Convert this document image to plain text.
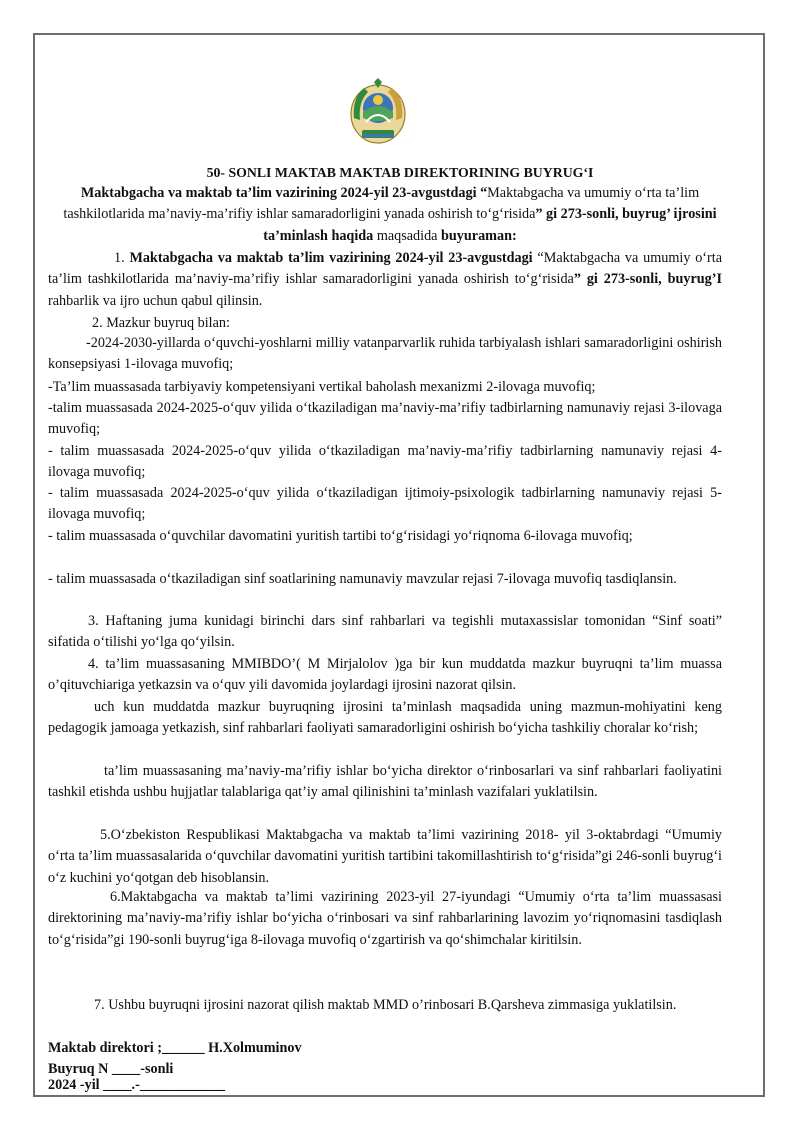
50- SONLI MAKTAB MAKTAB DIREKTORINING BUYRUG‘I

Maktabgacha va maktab ta’lim vazirining 2024-yil 23-avgustdagi “Maktabgacha va umumiy o‘rta ta’lim tashkilotlarida ma’naviy-ma’rifiy ishlar samaradorligini yanada oshirish to‘g‘risida” gi 273-sonli, buyrug’ ijrosini ta’minlash haqida maqsadida buyuraman:

1. Maktabgacha va maktab ta’lim vazirining 2024-yil 23-avgustdagi “Maktabgacha va umumiy o‘rta ta’lim tashkilotlarida ma’naviy-ma’rifiy ishlar samaradorligini yanada oshirish to‘g‘risida” gi 273-sonli, buyrug’I rahbarlik va ijro uchun qabul qilinsin.

2. Mazkur buyruq bilan:

-2024-2030-yillarda o‘quvchi-yoshlarni milliy vatanparvarlik ruhida tarbiyalash ishlari samaradorligini oshirish konsepsiyasi 1-ilovaga muvofiq;

-Ta’lim muassasada tarbiyaviy kompetensiyani vertikal baholash mexanizmi 2-ilovaga muvofiq;

-talim muassasada 2024-2025-o‘quv yilida o‘tkaziladigan ma’naviy-ma’rifiy tadbirlarning namunaviy rejasi 3-ilovaga muvofiq;

- talim muassasada 2024-2025-o‘quv yilida o‘tkaziladigan ma’naviy-ma’rifiy tadbirlarning namunaviy rejasi 4-ilovaga muvofiq;

- talim muassasada 2024-2025-o‘quv yilida o‘tkaziladigan ijtimoiy-psixologik tadbirlarning namunaviy rejasi 5-ilovaga muvofiq;

- talim muassasada o‘quvchilar davomatini yuritish tartibi to‘g‘risidagi yo‘riqnoma 6-ilovaga muvofiq;

- talim muassasada o‘tkaziladigan sinf soatlarining namunaviy mavzular rejasi 7-ilovaga muvofiq tasdiqlansin.

3. Haftaning juma kunidagi birinchi dars sinf rahbarlari va tegishli mutaxassislar tomonidan “Sinf soati” sifatida o‘tilishi yo‘lga qo‘yilsin.

4. ta’lim muassasaning MMIBDO’( M Mirjalolov )ga bir kun muddatda mazkur buyruqni ta’lim muassa o’qituvchiariga yetkazsin va o‘quv yili davomida joylardagi ijrosini nazorat qilsin.

uch kun muddatda mazkur buyruqning ijrosini ta’minlash maqsadida uning mazmun-mohiyatini keng pedagogik jamoaga yetkazish, sinf rahbarlari faoliyati samaradorligini oshirish bo‘yicha tashkiliy choralar ko‘rish;

ta’lim muassasaning ma’naviy-ma’rifiy ishlar bo‘yicha direktor o‘rinbosarlari va sinf rahbarlari faoliyatini tashkil etishda ushbu hujjatlar talablariga qat’iy amal qilinishini ta’minlash vazifalari yuklatilsin.

5.O‘zbekiston Respublikasi Maktabgacha va maktab ta’limi vazirining 2018- yil 3-oktabrdagi “Umumiy o‘rta ta’lim muassasalarida o‘quvchilar davomatini yuritish tartibini takomillashtirish to‘g‘risida”gi 246-sonli buyrug‘i o‘z kuchini yo‘qotgan deb hisoblansin.

6.Maktabgacha va maktab ta’limi vazirining 2023-yil 27-iyundagi “Umumiy o‘rta ta’lim muassasasi direktorining ma’naviy-ma’rifiy ishlar bo‘yicha o‘rinbosari va sinf rahbarlarining lavozim yo‘riqnomasini tasdiqlash to‘g‘risida”gi 190-sonli buyrug‘iga 8-ilovaga muvofiq o‘zgartirish va qo‘shimchalar kiritilsin.

7. Ushbu buyruqni ijrosini nazorat qilish maktab MMD o’rinbosari B.Qarsheva zimmasiga yuklatilsin.

Maktab direktori ;______ H.Xolmuminov
Buyruq N ____-sonli
2024 -yil ____.-____________
